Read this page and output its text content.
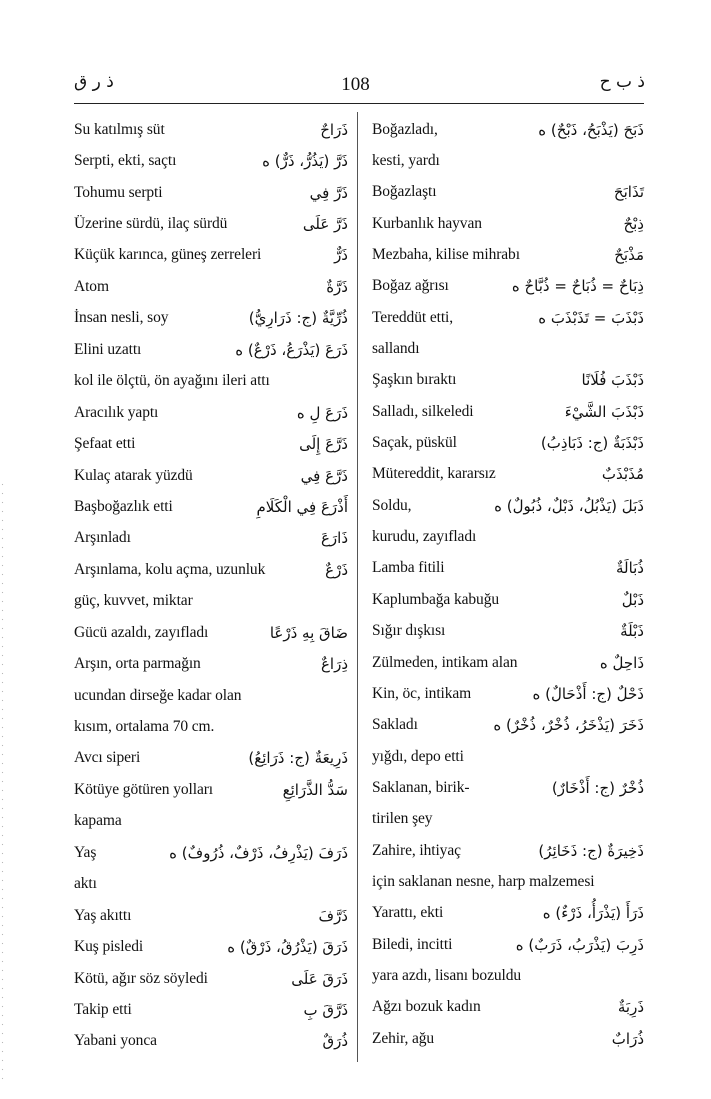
ذ ر ق	108	ذ ب ح
Su katılmış süt	ذَرَاحٌ
Serpti, ekti, saçtı	ذَرَّ (يَذُرُّ، ذَرٌّ) ه
Tohumu serpti	ذَرَّ فِي
Üzerine sürdü, ilaç sürdü	ذَرَّ عَلَى
Küçük karınca, güneş zerreleri	ذَرٌّ
Atom	ذَرَّةٌ
İnsan nesli, soy	ذُرِّيَّةٌ (ج: ذَرَارِيُّ)
Elini uzattı	ذَرَعَ (يَذْرَعُ، ذَرْعٌ) ه
kol ile ölçtü, ön ayağını ileri attı
Aracılık yaptı	ذَرَعَ لِ ه
Şefaat etti	ذَرَّعَ إِلَى
Kulaç atarak yüzdü	ذَرَّعَ فِي
Başboğazlık etti	أَذْرَعَ فِي الْكَلَامِ
Arşınladı	ذَارَعَ
Arşınlama, kolu açma, uzunluk	ذَرْعٌ
güç, kuvvet, miktar
Gücü azaldı, zayıfladı	ضَاقَ بِهِ ذَرْعًا
Arşın, orta parmağın	ذِرَاعٌ
ucundan dirseğe kadar olan
kısım, ortalama 70 cm.
Avcı siperi	ذَرِيعَةٌ (ج: ذَرَائِعُ)
Kötüye götüren yolları	سَدُّ الذَّرَائِعِ
kapama
Yaş	ذَرَفَ (يَذْرِفُ، ذَرْفٌ، ذُرُوفٌ) ه
aktı
Yaş akıttı	ذَرَّفَ
Kuş pisledi	ذَرَقَ (يَذْرُقُ، ذَرْقٌ) ه
Kötü, ağır söz söyledi	ذَرَقَ عَلَى
Takip etti	ذَرَّقَ بِ
Yabani yonca	ذُرَقٌ
Boğazladı,	ذَبَحَ (يَذْبَحُ، ذَبْحٌ) ه
kesti, yardı
Boğazlaştı	تَذَابَحَ
Kurbanlık hayvan	ذِبْحٌ
Mezbaha, kilise mihrabı	مَذْبَحٌ
Boğaz ağrısı	ذِبَاحٌ = ذُبَاحٌ = ذُبَّاحٌ ه
Tereddüt etti,	ذَبْذَبَ = تَذَبْذَبَ ه
sallandı
Şaşkın bıraktı	ذَبْذَبَ فُلَانًا
Salladı, silkeledi	ذَبْذَبَ الشَّيْءَ
Saçak, püskül	ذَبْذَبَةٌ (ج: ذَبَاذِبُ)
Mütereddit, kararsız	مُذَبْذَبٌ
Soldu,	ذَبَلَ (يَذْبُلُ، ذَبْلٌ، ذُبُولٌ) ه
kurudu, zayıfladı
Lamba fitili	ذُبَالَةٌ
Kaplumbağa kabuğu	ذَبْلٌ
Sığır dışkısı	ذَبْلَةٌ
Zülmeden, intikam alan	ذَاحِلٌ ه
Kin, öc, intikam	ذَحْلٌ (ج: أَذْحَالٌ) ه
Sakladı	ذَخَرَ (يَذْخَرُ، ذُخْرٌ، ذُخْرٌ) ه
yığdı, depo etti
Saklanan, birik-	ذُخْرٌ (ج: أَذْخَارٌ)
tirilen şey
Zahire, ihtiyaç	ذَخِيرَةٌ (ج: ذَخَائِرُ)
için saklanan nesne, harp malzemesi
Yarattı, ekti	ذَرَأَ (يَذْرَأُ، ذَرْءٌ) ه
Biledi, incitti	ذَرِبَ (يَذْرَبُ، ذَرَبٌ) ه
yara azdı, lisanı bozuldu
Ağzı bozuk kadın	ذَرِبَةٌ
Zehir, ağu	ذُرَابٌ
